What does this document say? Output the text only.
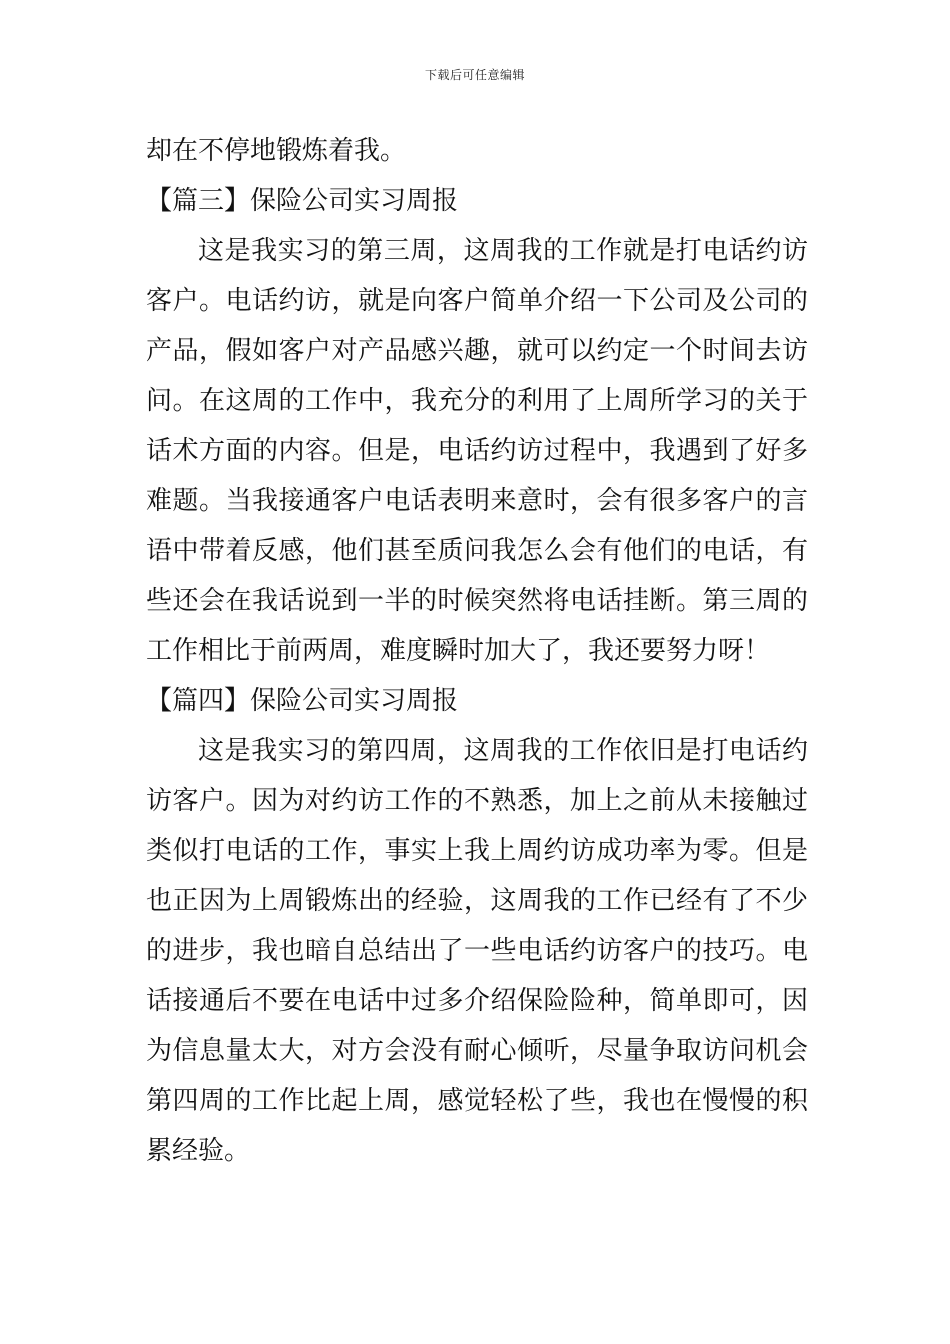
下载后可任意编辑
却在不停地锻炼着我。
【篇三】保险公司实习周报
这是我实习的第三周，这周我的工作就是打电话约访
客户。电话约访，就是向客户简单介绍一下公司及公司的
产品，假如客户对产品感兴趣，就可以约定一个时间去访
问。在这周的工作中，我充分的利用了上周所学习的关于
话术方面的内容。但是，电话约访过程中，我遇到了好多
难题。当我接通客户电话表明来意时，会有很多客户的言
语中带着反感，他们甚至质问我怎么会有他们的电话，有
些还会在我话说到一半的时候突然将电话挂断。第三周的
工作相比于前两周，难度瞬时加大了，我还要努力呀！
【篇四】保险公司实习周报
这是我实习的第四周，这周我的工作依旧是打电话约
访客户。因为对约访工作的不熟悉，加上之前从未接触过
类似打电话的工作，事实上我上周约访成功率为零。但是
也正因为上周锻炼出的经验，这周我的工作已经有了不少
的进步，我也暗自总结出了一些电话约访客户的技巧。电
话接通后不要在电话中过多介绍保险险种，简单即可，因
为信息量太大，对方会没有耐心倾听，尽量争取访问机会
第四周的工作比起上周，感觉轻松了些，我也在慢慢的积
累经验。
